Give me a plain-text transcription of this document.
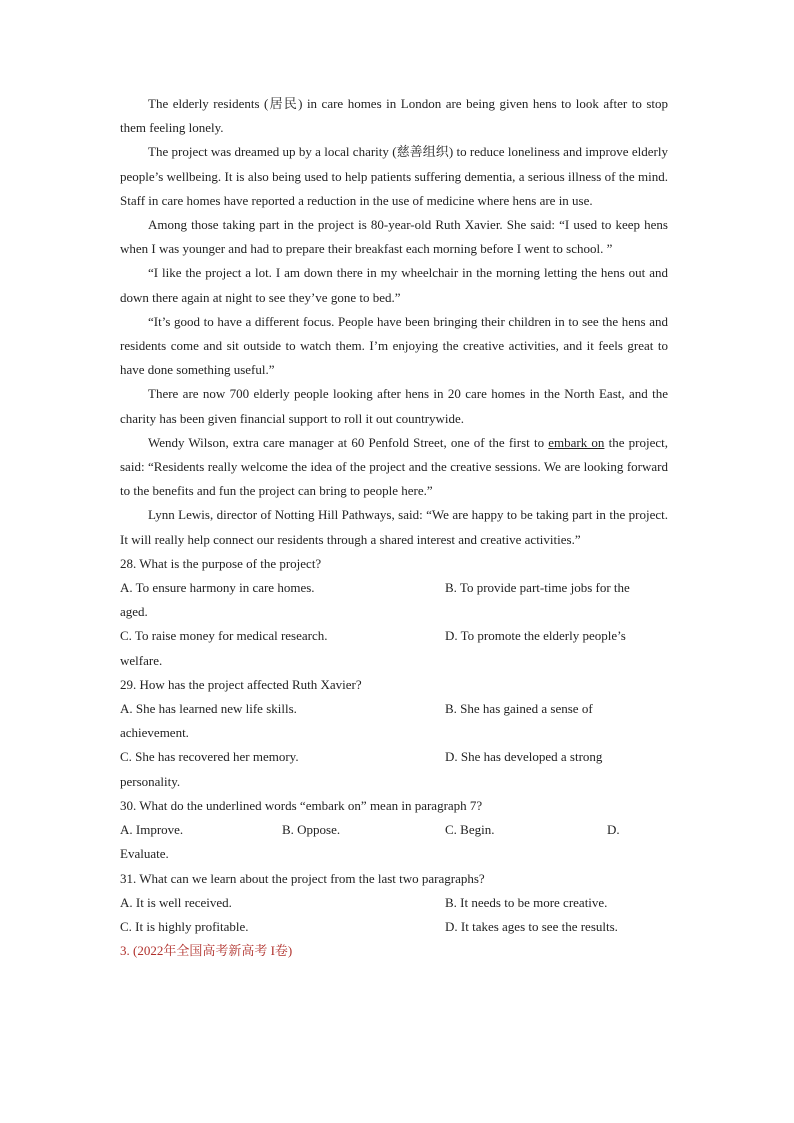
The elderly residents (居民) in care homes in London are being given hens to look after to stop them feeling lonely.

The project was dreamed up by a local charity (慈善组织) to reduce loneliness and improve elderly people’s wellbeing. It is also being used to help patients suffering dementia, a serious illness of the mind. Staff in care homes have reported a reduction in the use of medicine where hens are in use.

Among those taking part in the project is 80-year-old Ruth Xavier. She said: “I used to keep hens when I was younger and had to prepare their breakfast each morning before I went to school. ”

“I like the project a lot. I am down there in my wheelchair in the morning letting the hens out and down there again at night to see they’ve gone to bed.”

“It’s good to have a different focus. People have been bringing their children in to see the hens and residents come and sit outside to watch them. I’m enjoying the creative activities, and it feels great to have done something useful.”

There are now 700 elderly people looking after hens in 20 care homes in the North East, and the charity has been given financial support to roll it out countrywide.

Wendy Wilson, extra care manager at 60 Penfold Street, one of the first to embark on the project, said: “Residents really welcome the idea of the project and the creative sessions. We are looking forward to the benefits and fun the project can bring to people here.”

Lynn Lewis, director of Notting Hill Pathways, said: “We are happy to be taking part in the project. It will really help connect our residents through a shared interest and creative activities.”

28. What is the purpose of the project?

A. To ensure harmony in care homes.	B. To provide part-time jobs for the

aged.

C. To raise money for medical research.	D. To promote the elderly people’s

welfare.

29. How has the project affected Ruth Xavier?

A. She has learned new life skills.	B. She has gained a sense of

achievement.

C. She has recovered her memory.	D. She has developed a strong

personality.

30. What do the underlined words “embark on” mean in paragraph 7?

A. Improve.	B. Oppose.	C. Begin.	D.

Evaluate.

31. What can we learn about the project from the last two paragraphs?

A. It is well received.	B. It needs to be more creative.
C. It is highly profitable.	D. It takes ages to see the results.

3. (2022年全国高考新高考 I卷)
